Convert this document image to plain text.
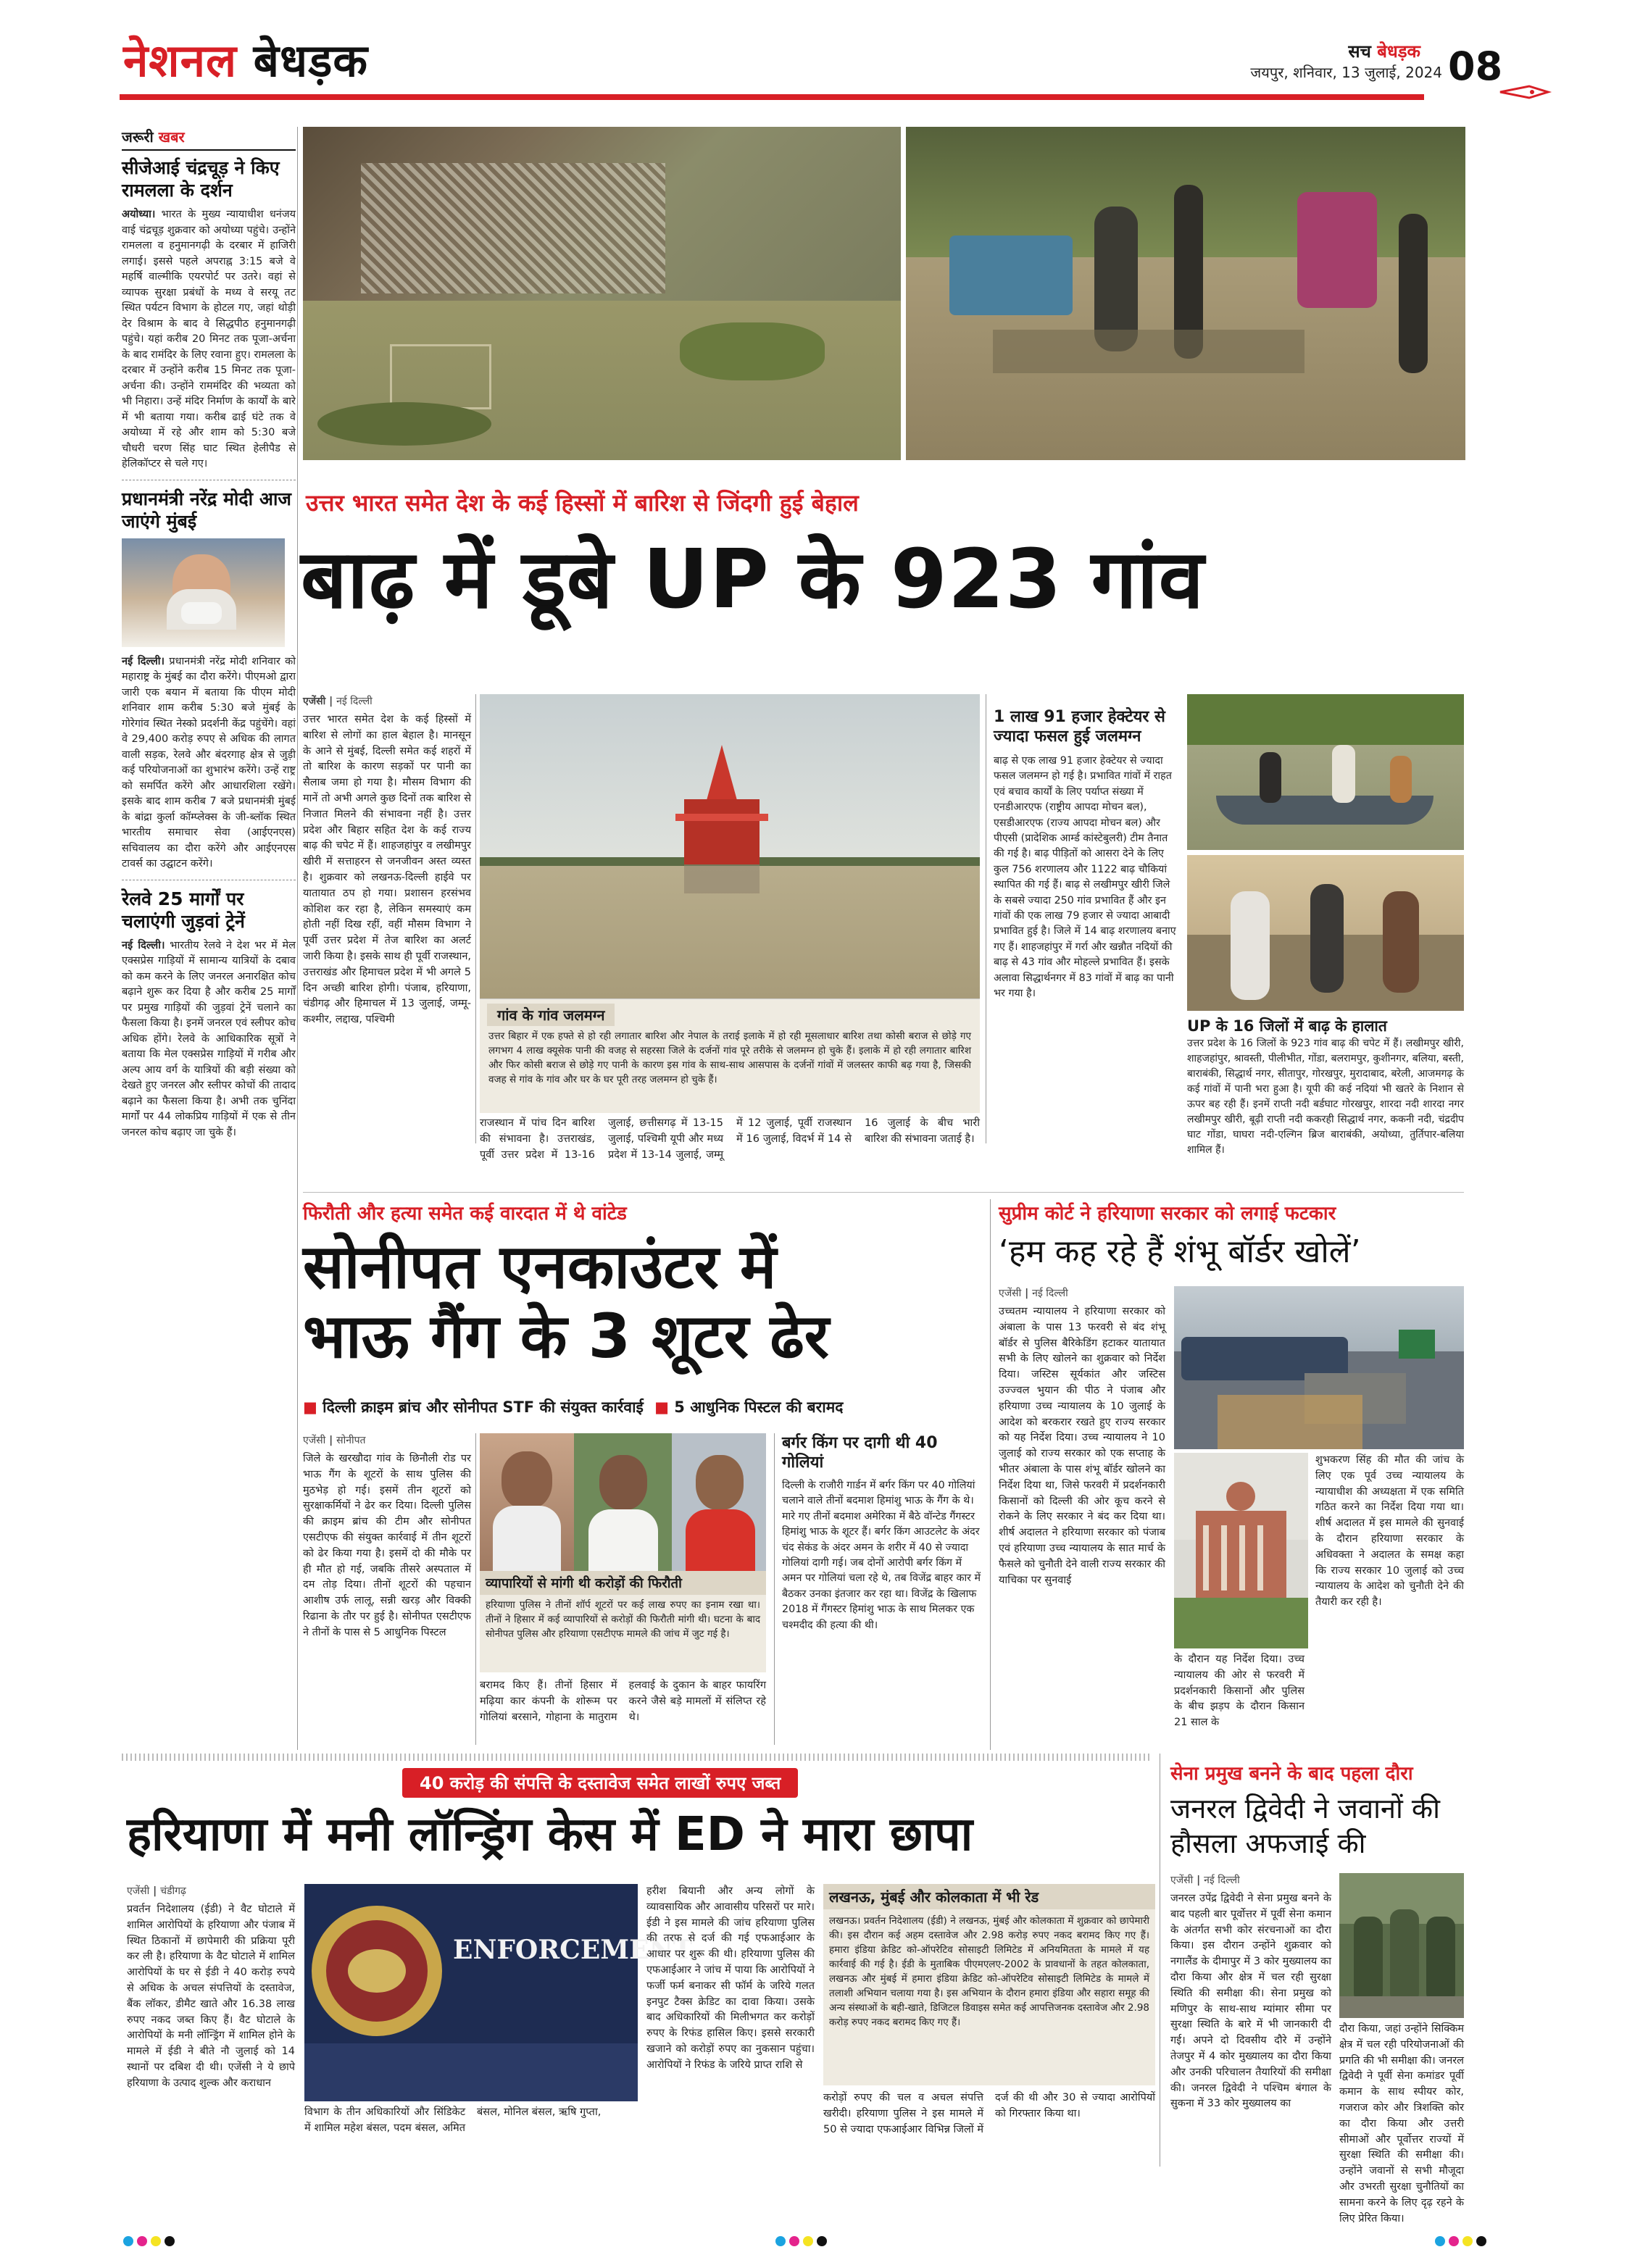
नेशनल बेधड़क	सच बेधड़क
जयपुर, शनिवार, 13 जुलाई, 2024 08
जरूरी खबर
सीजेआई चंद्रचूड़ ने किए रामलला के दर्शन
अयोध्या। भारत के मुख्य न्यायाधीश धनंजय वाई चंद्रचूड़ शुक्रवार को अयोध्या पहुंचे। उन्होंने रामलला व हनुमानगढ़ी के दरबार में हाजिरी लगाई। इससे पहले अपराह्न 3:15 बजे वे महर्षि वाल्मीकि एयरपोर्ट पर उतरे। वहां से व्यापक सुरक्षा प्रबंधों के मध्य वे सरयू तट स्थित पर्यटन विभाग के होटल गए, जहां थोड़ी देर विश्राम के बाद वे सिद्धपीठ हनुमानगढ़ी पहुंचे। यहां करीब 20 मिनट तक पूजा-अर्चना के बाद रामंदिर के लिए रवाना हुए। रामलला के दरबार में उन्होंने करीब 15 मिनट तक पूजा-अर्चना की। उन्होंने राममंदिर की भव्यता को भी निहारा। उन्हें मंदिर निर्माण के कार्यों के बारे में भी बताया गया। करीब ढाई घंटे तक वे अयोध्या में रहे और शाम को 5:30 बजे चौधरी चरण सिंह घाट स्थित हेलीपैड से हेलिकॉप्टर से चले गए।
प्रधानमंत्री नरेंद्र मोदी आज जाएंगे मुंबई
नई दिल्ली। प्रधानमंत्री नरेंद्र मोदी शनिवार को महाराष्ट्र के मुंबई का दौरा करेंगे। पीएमओ द्वारा जारी एक बयान में बताया कि पीएम मोदी शनिवार शाम करीब 5:30 बजे मुंबई के गोरेगांव स्थित नेस्को प्रदर्शनी केंद्र पहुंचेंगे। वहां वे 29,400 करोड़ रुपए से अधिक की लागत वाली सड़क, रेलवे और बंदरगाह क्षेत्र से जुड़ी कई परियोजनाओं का शुभारंभ करेंगे। उन्हें राष्ट्र को समर्पित करेंगे और आधारशिला रखेंगे। इसके बाद शाम करीब 7 बजे प्रधानमंत्री मुंबई के बांद्रा कुर्ला कॉम्प्लेक्स के जी-ब्लॉक स्थित भारतीय समाचार सेवा (आईएनएस) सचिवालय का दौरा करेंगे और आईएनएस टावर्स का उद्घाटन करेंगे।
रेलवे 25 मार्गों पर चलाएंगी जुड़वां ट्रेनें
नई दिल्ली। भारतीय रेलवे ने देश भर में मेल एक्सप्रेस गाड़ियों में सामान्य यात्रियों के दबाव को कम करने के लिए जनरल अनारक्षित कोच बढ़ाने शुरू कर दिया है और करीब 25 मार्गों पर प्रमुख गाड़ियों की जुड़वां ट्रेनें चलाने का फैसला किया है। इनमें जनरल एवं स्लीपर कोच अधिक होंगे। रेलवे के आधिकारिक सूत्रों ने बताया कि मेल एक्सप्रेस गाड़ियों में गरीब और अल्प आय वर्ग के यात्रियों की बड़ी संख्या को देखते हुए जनरल और स्लीपर कोचों की तादाद बढ़ाने का फैसला किया है। अभी तक चुनिंदा मार्गों पर 44 लोकप्रिय गाड़ियों में एक से तीन जनरल कोच बढ़ाए जा चुके हैं।
उत्तर भारत समेत देश के कई हिस्सों में बारिश से जिंदगी हुई बेहाल
बाढ़ में डूबे UP के 923 गांव
एजेंसी | नई दिल्ली
उत्तर भारत समेत देश के कई हिस्सों में बारिश से लोगों का हाल बेहाल है। मानसून के आने से मुंबई, दिल्ली समेत कई शहरों में तो बारिश के कारण सड़कों पर पानी का सैलाब जमा हो गया है। मौसम विभाग की मानें तो अभी अगले कुछ दिनों तक बारिश से निजात मिलने की संभावना नहीं है। उत्तर प्रदेश और बिहार सहित देश के कई राज्य बाढ़ की चपेट में हैं। शाहजहांपुर व लखीमपुर खीरी में सत्ताहरन से जनजीवन अस्त व्यस्त है। शुक्रवार को लखनऊ-दिल्ली हाईवे पर यातायात ठप हो गया। प्रशासन हरसंभव कोशिश कर रहा है, लेकिन समस्याएं कम होती नहीं दिख रहीं, वहीं मौसम विभाग ने पूर्वी उत्तर प्रदेश में तेज बारिश का अलर्ट जारी किया है। इसके साथ ही पूर्वी राजस्थान, उत्तराखंड और हिमाचल प्रदेश में भी अगले 5 दिन अच्छी बारिश होगी। पंजाब, हरियाणा, चंडीगढ़ और हिमाचल में 13 जुलाई, जम्मू-कश्मीर, लद्दाख, पश्चिमी	गांव के गांव जलमग्न
उत्तर बिहार में एक हफ्ते से हो रही लगातार बारिश और नेपाल के तराई इलाके में हो रही मूसलाधार बारिश तथा कोसी बराज से छोड़े गए लगभग 4 लाख क्यूसेक पानी की वजह से सहरसा जिले के दर्जनों गांव पूरे तरीके से जलमग्न हो चुके हैं। इलाके में हो रही लगातार बारिश और फिर कोसी बराज से छोड़े गए पानी के कारण इस गांव के साथ-साथ आसपास के दर्जनों गांवों में जलस्तर काफी बढ़ गया है, जिसकी वजह से गांव के गांव और घर के घर पूरी तरह जलमग्न हो चुके हैं।
राजस्थान में पांच दिन बारिश की संभावना है। उत्तराखंड, पूर्वी उत्तर प्रदेश में 13-16 जुलाई, छत्तीसगढ़ में 13-15 जुलाई, पश्चिमी यूपी और मध्य प्रदेश में 13-14 जुलाई, जम्मू में 12 जुलाई, पूर्वी राजस्थान में 16 जुलाई, विदर्भ में 14 से 16 जुलाई के बीच भारी बारिश की संभावना जताई है।
1 लाख 91 हजार हेक्टेयर से ज्यादा फसल हुई जलमग्न
बाढ़ से एक लाख 91 हजार हेक्टेयर से ज्यादा फसल जलमग्न हो गई है। प्रभावित गांवों में राहत एवं बचाव कार्यों के लिए पर्याप्त संख्या में एनडीआरएफ (राष्ट्रीय आपदा मोचन बल), एसडीआरएफ (राज्य आपदा मोचन बल) और पीएसी (प्रादेशिक आर्म्ड कांस्टेबुलरी) टीम तैनात की गई है। बाढ़ पीड़ितों को आसरा देने के लिए कुल 756 शरणालय और 1122 बाढ़ चौकियां स्थापित की गई हैं। बाढ़ से लखीमपुर खीरी जिले के सबसे ज्यादा 250 गांव प्रभावित हैं और इन गांवों की एक लाख 79 हजार से ज्यादा आबादी प्रभावित हुई है। जिले में 14 बाढ़ शरणालय बनाए गए हैं। शाहजहांपुर में गर्रा और खन्नौत नदियों की बाढ़ से 43 गांव और मोहल्ले प्रभावित हैं। इसके अलावा सिद्धार्थनगर में 83 गांवों में बाढ़ का पानी भर गया है।
UP के 16 जिलों में बाढ़ के हालात
उत्तर प्रदेश के 16 जिलों के 923 गांव बाढ़ की चपेट में हैं। लखीमपुर खीरी, शाहजहांपुर, श्रावस्ती, पीलीभीत, गोंडा, बलरामपुर, कुशीनगर, बलिया, बस्ती, बाराबंकी, सिद्धार्थ नगर, सीतापुर, गोरखपुर, मुरादाबाद, बरेली, आजमगढ़ के कई गांवों में पानी भरा हुआ है। यूपी की कई नदियां भी खतरे के निशान से ऊपर बह रही हैं। इनमें राप्ती नदी बर्डघाट गोरखपुर, शारदा नदी शारदा नगर लखीमपुर खीरी, बूढ़ी राप्ती नदी ककरही सिद्धार्थ नगर, ककनी नदी, चंद्रदीप घाट गोंडा, घाघरा नदी-एल्गिन ब्रिज बाराबंकी, अयोध्या, तुर्तिपार-बलिया शामिल हैं।
फिरौती और हत्या समेत कई वारदात में थे वांटेड
सोनीपत एनकाउंटर में
भाऊ गैंग के 3 शूटर ढेर
■ दिल्ली क्राइम ब्रांच और सोनीपत STF की संयुक्त कार्रवाई ■ 5 आधुनिक पिस्टल की बरामद
एजेंसी | सोनीपत
जिले के खरखौदा गांव के छिनौली रोड पर भाऊ गैंग के शूटरों के साथ पुलिस की मुठभेड़ हो गई। इसमें तीन शूटरों को सुरक्षाकर्मियों ने ढेर कर दिया। दिल्ली पुलिस की क्राइम ब्रांच की टीम और सोनीपत एसटीएफ की संयुक्त कार्रवाई में तीन शूटरों को ढेर किया गया है। इसमें दो की मौके पर ही मौत हो गई, जबकि तीसरे अस्पताल में दम तोड़ दिया। तीनों शूटरों की पहचान आशीष उर्फ लालू, सन्नी खरड़ और विक्की रिढाना के तौर पर हुई है। सोनीपत एसटीएफ ने तीनों के पास से 5 आधुनिक पिस्टल
व्यापारियों से मांगी थी करोड़ों की फिरौती
हरियाणा पुलिस ने तीनों शॉर्प शूटरों पर कई लाख रुपए का इनाम रखा था। तीनों ने हिसार में कई व्यापारियों से करोड़ों की फिरौती मांगी थी। घटना के बाद सोनीपत पुलिस और हरियाणा एसटीएफ मामले की जांच में जुट गई है।
बरामद किए हैं। तीनों हिसार में मढ़िया कार कंपनी के शोरूम पर गोलियां बरसाने, गोहाना के मातुराम हलवाई के दुकान के बाहर फायरिंग करने जैसे बड़े मामलों में संलिप्त रहे थे।
बर्गर किंग पर दागी थी 40 गोलियां
दिल्ली के राजौरी गार्डन में बर्गर किंग पर 40 गोलियां चलाने वाले तीनों बदमाश हिमांशु भाऊ के गैंग के थे। मारे गए तीनों बदमाश अमेरिका में बैठे वॉन्टेड गैंगस्टर हिमांशु भाऊ के शूटर हैं। बर्गर किंग आउटलेट के अंदर चंद सेकंड के अंदर अमन के शरीर में 40 से ज्यादा गोलियां दागी गई। जब दोनों आरोपी बर्गर किंग में अमन पर गोलियां चला रहे थे, तब विजेंद्र बाहर कार में बैठकर उनका इंतजार कर रहा था। विजेंद्र के खिलाफ 2018 में गैंगस्टर हिमांशु भाऊ के साथ मिलकर एक चश्मदीद की हत्या की थी।
सुप्रीम कोर्ट ने हरियाणा सरकार को लगाई फटकार
‘हम कह रहे हैं शंभू बॉर्डर खोलें’
एजेंसी | नई दिल्ली
उच्चतम न्यायालय ने हरियाणा सरकार को अंबाला के पास 13 फरवरी से बंद शंभू बॉर्डर से पुलिस बैरिकेडिंग हटाकर यातायात सभी के लिए खोलने का शुक्रवार को निर्देश दिया। जस्टिस सूर्यकांत और जस्टिस उज्ज्वल भुयान की पीठ ने पंजाब और हरियाणा उच्च न्यायालय के 10 जुलाई के आदेश को बरकरार रखते हुए राज्य सरकार को यह निर्देश दिया। उच्च न्यायालय ने 10 जुलाई को राज्य सरकार को एक सप्ताह के भीतर अंबाला के पास शंभू बॉर्डर खोलने का निर्देश दिया था, जिसे फरवरी में प्रदर्शनकारी किसानों को दिल्ली की ओर कूच करने से रोकने के लिए सरकार ने बंद कर दिया था। शीर्ष अदालत ने हरियाणा सरकार को पंजाब एवं हरियाणा उच्च न्यायालय के सात मार्च के फैसले को चुनौती देने वाली राज्य सरकार की याचिका पर सुनवाई
के दौरान यह निर्देश दिया। उच्च न्यायालय की ओर से फरवरी में प्रदर्शनकारी किसानों और पुलिस के बीच झड़प के दौरान किसान 21 साल के
शुभकरण सिंह की मौत की जांच के लिए एक पूर्व उच्च न्यायालय के न्यायाधीश की अध्यक्षता में एक समिति गठित करने का निर्देश दिया गया था। शीर्ष अदालत में इस मामले की सुनवाई के दौरान हरियाणा सरकार के अधिवक्ता ने अदालत के समक्ष कहा कि राज्य सरकार 10 जुलाई को उच्च न्यायालय के आदेश को चुनौती देने की तैयारी कर रही है।
40 करोड़ की संपत्ति के दस्तावेज समेत लाखों रुपए जब्त
हरियाणा में मनी लॉन्ड्रिंग केस में ED ने मारा छापा
एजेंसी | चंडीगढ़
प्रवर्तन निदेशालय (ईडी) ने वैट घोटाले में शामिल आरोपियों के हरियाणा और पंजाब में स्थित ठिकानों में छापेमारी की प्रक्रिया पूरी कर ली है। हरियाणा के वैट घोटाले में शामिल आरोपियों के घर से ईडी ने 40 करोड़ रुपये से अधिक के अचल संपत्तियों के दस्तावेज, बैंक लॉकर, डीमैट खाते और 16.38 लाख रुपए नकद जब्त किए हैं। वैट घोटाले के आरोपियों के मनी लॉन्ड्रिंग में शामिल होने के मामले में ईडी ने बीते नौ जुलाई को 14 स्थानों पर दबिश दी थी। एजेंसी ने ये छापे हरियाणा के उत्पाद शुल्क और कराधान
ENFORCEMENT
विभाग के तीन अधिकारियों और सिंडिकेट में शामिल महेश बंसल, पदम बंसल, अमित बंसल, मोनिल बंसल, ऋषि गुप्ता,
हरीश बियानी और अन्य लोगों के व्यावसायिक और आवासीय परिसरों पर मारे। ईडी ने इस मामले की जांच हरियाणा पुलिस की तरफ से दर्ज की गई एफआईआर के आधार पर शुरू की थी। हरियाणा पुलिस की एफआईआर ने जांच में पाया कि आरोपियों ने फर्जी फर्म बनाकर सी फॉर्म के जरिये गलत इनपुट टैक्स क्रेडिट का दावा किया। उसके बाद अधिकारियों की मिलीभगत कर करोड़ों रुपए के रिफंड हासिल किए। इससे सरकारी खजाने को करोड़ों रुपए का नुकसान पहुंचा। आरोपियों ने रिफंड के जरिये प्राप्त राशि से
लखनऊ, मुंबई और कोलकाता में भी रेड
लखनऊ। प्रवर्तन निदेशालय (ईडी) ने लखनऊ, मुंबई और कोलकाता में शुक्रवार को छापेमारी की। इस दौरान कई अहम दस्तावेज और 2.98 करोड़ रुपए नकद बरामद किए गए हैं। हमारा इंडिया क्रेडिट को-ऑपरेटिव सोसाइटी लिमिटेड में अनियमितता के मामले में यह कार्रवाई की गई है। ईडी के मुताबिक पीएमएलए-2002 के प्रावधानों के तहत कोलकाता, लखनऊ और मुंबई में हमारा इंडिया क्रेडिट को-ऑपरेटिव सोसाइटी लिमिटेड के मामले में तलाशी अभियान चलाया गया है। इस अभियान के दौरान हमारा इंडिया और सहारा समूह की अन्य संस्थाओं के बही-खाते, डिजिटल डिवाइस समेत कई आपत्तिजनक दस्तावेज और 2.98 करोड़ रुपए नकद बरामद किए गए हैं।
करोड़ों रुपए की चल व अचल संपत्ति खरीदी। हरियाणा पुलिस ने इस मामले में 50 से ज्यादा एफआईआर विभिन्न जिलों में दर्ज की थी और 30 से ज्यादा आरोपियों को गिरफ्तार किया था।
सेना प्रमुख बनने के बाद पहला दौरा
जनरल द्विवेदी ने जवानों की हौसला अफजाई की
एजेंसी | नई दिल्ली
जनरल उपेंद्र द्विवेदी ने सेना प्रमुख बनने के बाद पहली बार पूर्वोत्तर में पूर्वी सेना कमान के अंतर्गत सभी कोर संरचनाओं का दौरा किया। इस दौरान उन्होंने शुक्रवार को नगालैंड के दीमापुर में 3 कोर मुख्यालय का दौरा किया और क्षेत्र में चल रही सुरक्षा स्थिति की समीक्षा की। सेना प्रमुख को मणिपुर के साथ-साथ म्यांमार सीमा पर सुरक्षा स्थिति के बारे में भी जानकारी दी गई। अपने दो दिवसीय दौरे में उन्होंने तेजपुर में 4 कोर मुख्यालय का दौरा किया और उनकी परिचालन तैयारियों की समीक्षा की। जनरल द्विवेदी ने पश्चिम बंगाल के सुकना में 33 कोर मुख्यालय का
दौरा किया, जहां उन्होंने सिक्किम क्षेत्र में चल रही परियोजनाओं की प्रगति की भी समीक्षा की। जनरल द्विवेदी ने पूर्वी सेना कमांडर पूर्वी कमान के साथ स्पीयर कोर, गजराज कोर और त्रिशक्ति कोर का दौरा किया और उत्तरी सीमाओं और पूर्वोत्तर राज्यों में सुरक्षा स्थिति की समीक्षा की। उन्होंने जवानों से सभी मौजूदा और उभरती सुरक्षा चुनौतियों का सामना करने के लिए दृढ़ रहने के लिए प्रेरित किया।
